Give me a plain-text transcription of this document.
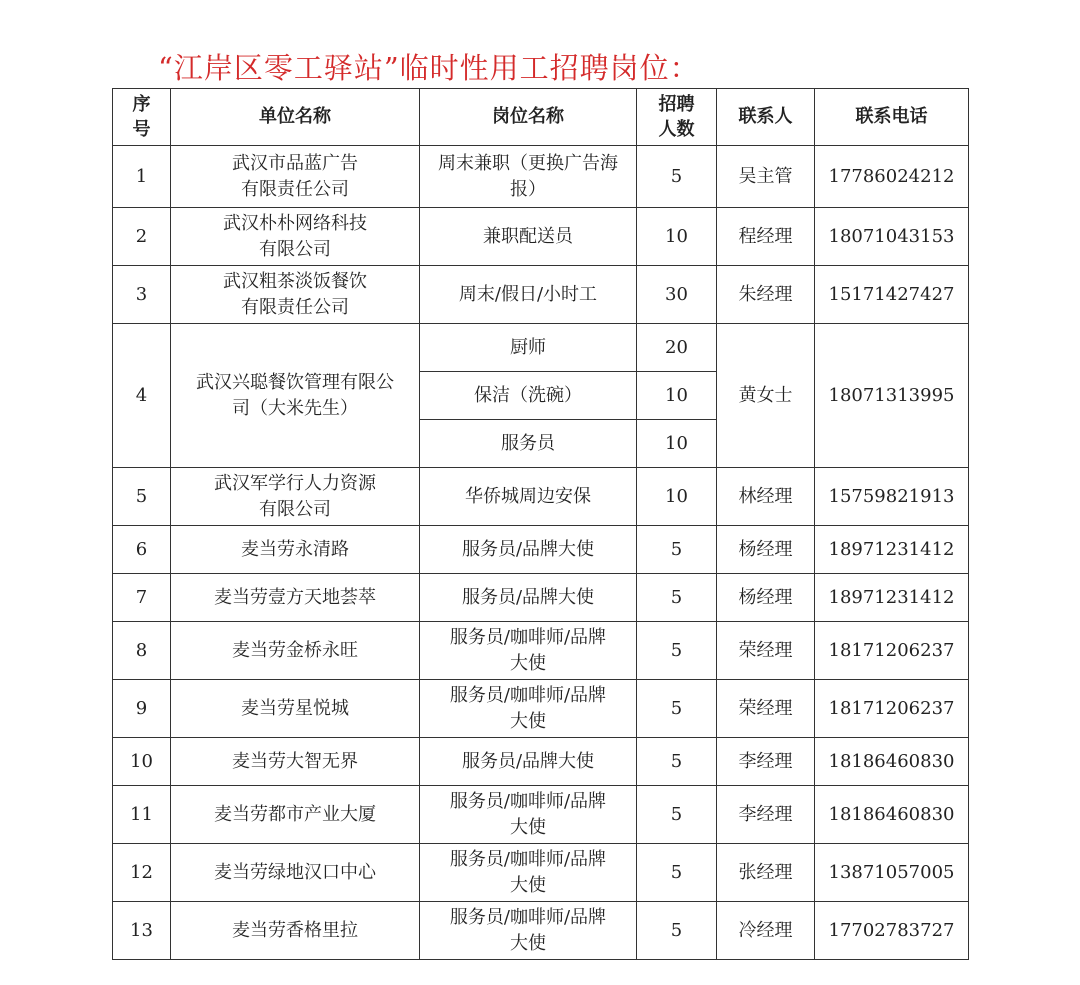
“江岸区零工驿站”临时性用工招聘岗位：
序
号	单位名称	岗位名称	招聘
人数	联系人	联系电话

1	武汉市品蓝广告
有限责任公司	周末兼职（更换广告海
报）	5	吴主管	17786024212

2	武汉朴朴网络科技
有限公司	兼职配送员	10	程经理	18071043153

3	武汉粗茶淡饭餐饮
有限责任公司	周末/假日/小时工	30	朱经理	15171427427

4	武汉兴聪餐饮管理有限公
司（大米先生）	厨师	20	黄女士	18071313995

		保洁（洗碗）	10		

		服务员	10		

5	武汉军学行人力资源
有限公司	华侨城周边安保	10	林经理	15759821913

6	麦当劳永清路	服务员/品牌大使	5	杨经理	18971231412

7	麦当劳壹方天地荟萃	服务员/品牌大使	5	杨经理	18971231412

8	麦当劳金桥永旺	服务员/咖啡师/品牌
大使	5	荣经理	18171206237

9	麦当劳星悦城	服务员/咖啡师/品牌
大使	5	荣经理	18171206237

10	麦当劳大智无界	服务员/品牌大使	5	李经理	18186460830

11	麦当劳都市产业大厦	服务员/咖啡师/品牌
大使	5	李经理	18186460830

12	麦当劳绿地汉口中心	服务员/咖啡师/品牌
大使	5	张经理	13871057005

13	麦当劳香格里拉	服务员/咖啡师/品牌
大使	5	冷经理	17702783727
